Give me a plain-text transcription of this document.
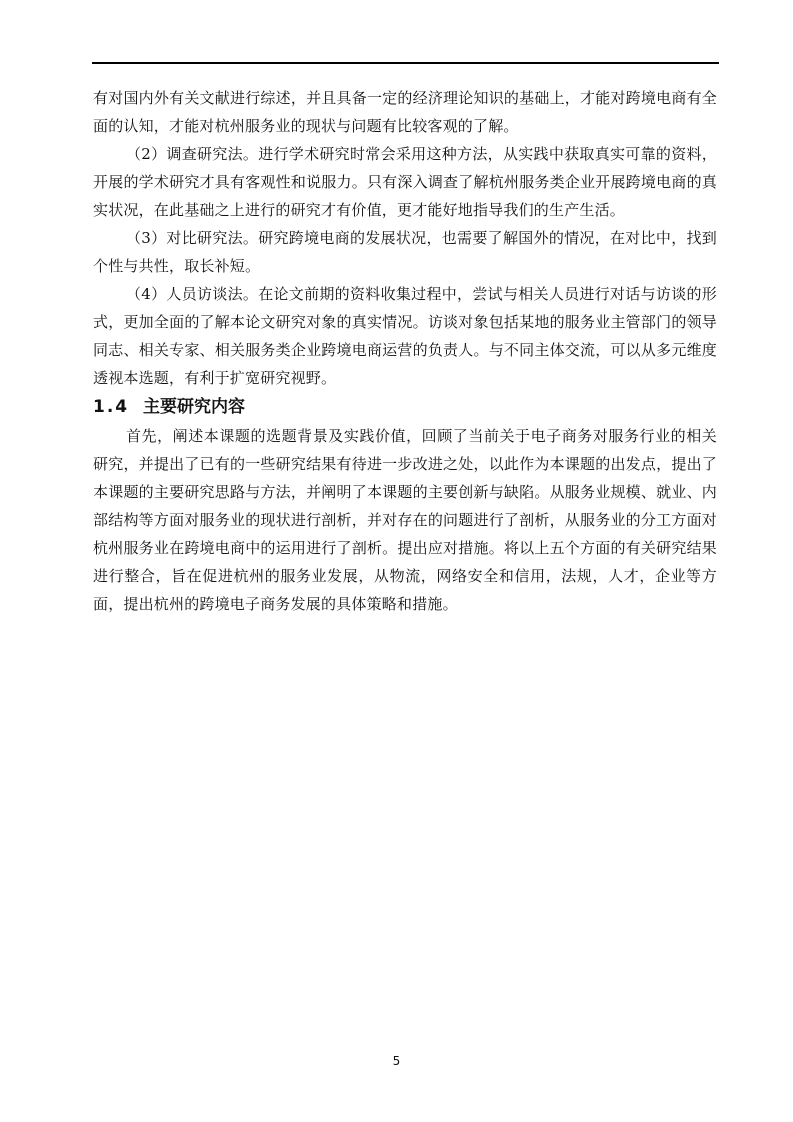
有对国内外有关文献进行综述，并且具备一定的经济理论知识的基础上，才能对跨境电商有全面的认知，才能对杭州服务业的现状与问题有比较客观的了解。

（2）调查研究法。进行学术研究时常会采用这种方法，从实践中获取真实可靠的资料，开展的学术研究才具有客观性和说服力。只有深入调查了解杭州服务类企业开展跨境电商的真实状况，在此基础之上进行的研究才有价值，更才能好地指导我们的生产生活。

（3）对比研究法。研究跨境电商的发展状况，也需要了解国外的情况，在对比中，找到个性与共性，取长补短。

（4）人员访谈法。在论文前期的资料收集过程中，尝试与相关人员进行对话与访谈的形式，更加全面的了解本论文研究对象的真实情况。访谈对象包括某地的服务业主管部门的领导同志、相关专家、相关服务类企业跨境电商运营的负责人。与不同主体交流，可以从多元维度透视本选题，有利于扩宽研究视野。

1.4 主要研究内容

首先，阐述本课题的选题背景及实践价值，回顾了当前关于电子商务对服务行业的相关研究，并提出了已有的一些研究结果有待进一步改进之处，以此作为本课题的出发点，提出了本课题的主要研究思路与方法，并阐明了本课题的主要创新与缺陷。从服务业规模、就业、内部结构等方面对服务业的现状进行剖析，并对存在的问题进行了剖析，从服务业的分工方面对杭州服务业在跨境电商中的运用进行了剖析。提出应对措施。将以上五个方面的有关研究结果进行整合，旨在促进杭州的服务业发展，从物流，网络安全和信用，法规，人才，企业等方面，提出杭州的跨境电子商务发展的具体策略和措施。

5
